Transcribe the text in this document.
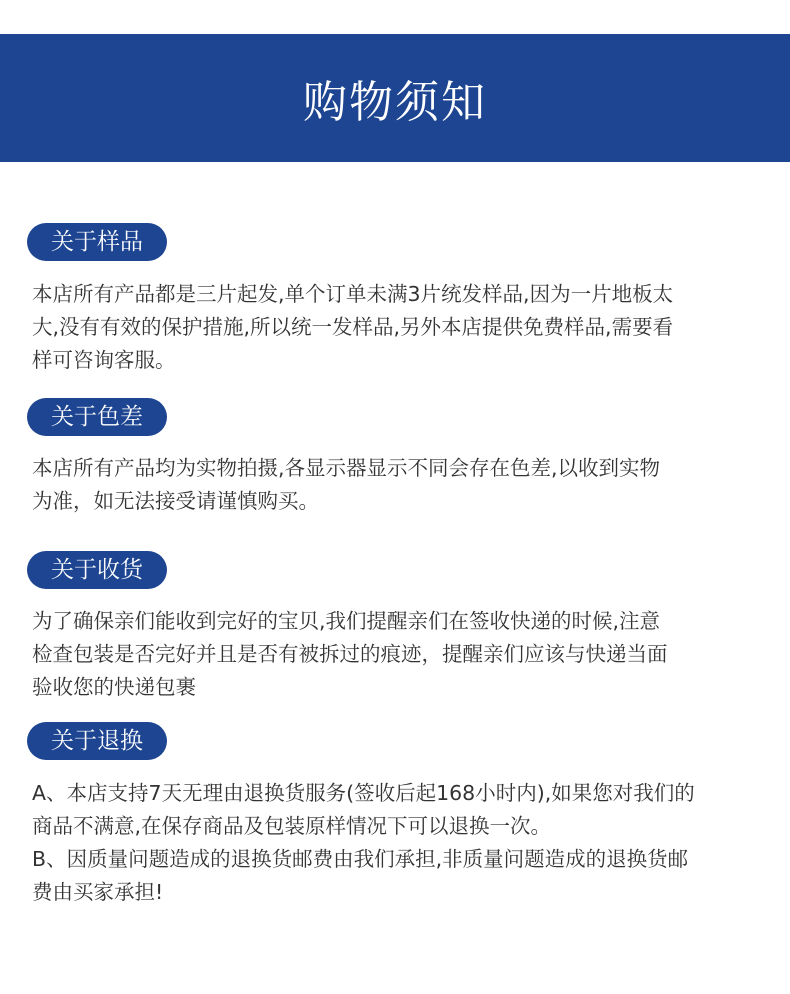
购物须知
关于样品

本店所有产品都是三片起发,单个订单未满3片统发样品,因为一片地板太

大,没有有效的保护措施,所以统一发样品,另外本店提供免费样品,需要看

样可咨询客服。

关于色差

本店所有产品均为实物拍摄,各显示器显示不同会存在色差,以收到实物

为准，如无法接受请谨慎购买。

关于收货

为了确保亲们能收到完好的宝贝,我们提醒亲们在签收快递的时候,注意

检查包装是否完好并且是否有被拆过的痕迹，提醒亲们应该与快递当面

验收您的快递包裹

关于退换

A、本店支持7天无理由退换货服务(签收后起168小时内),如果您对我们的

商品不满意,在保存商品及包装原样情况下可以退换一次。

B、因质量问题造成的退换货邮费由我们承担,非质量问题造成的退换货邮

费由买家承担!
